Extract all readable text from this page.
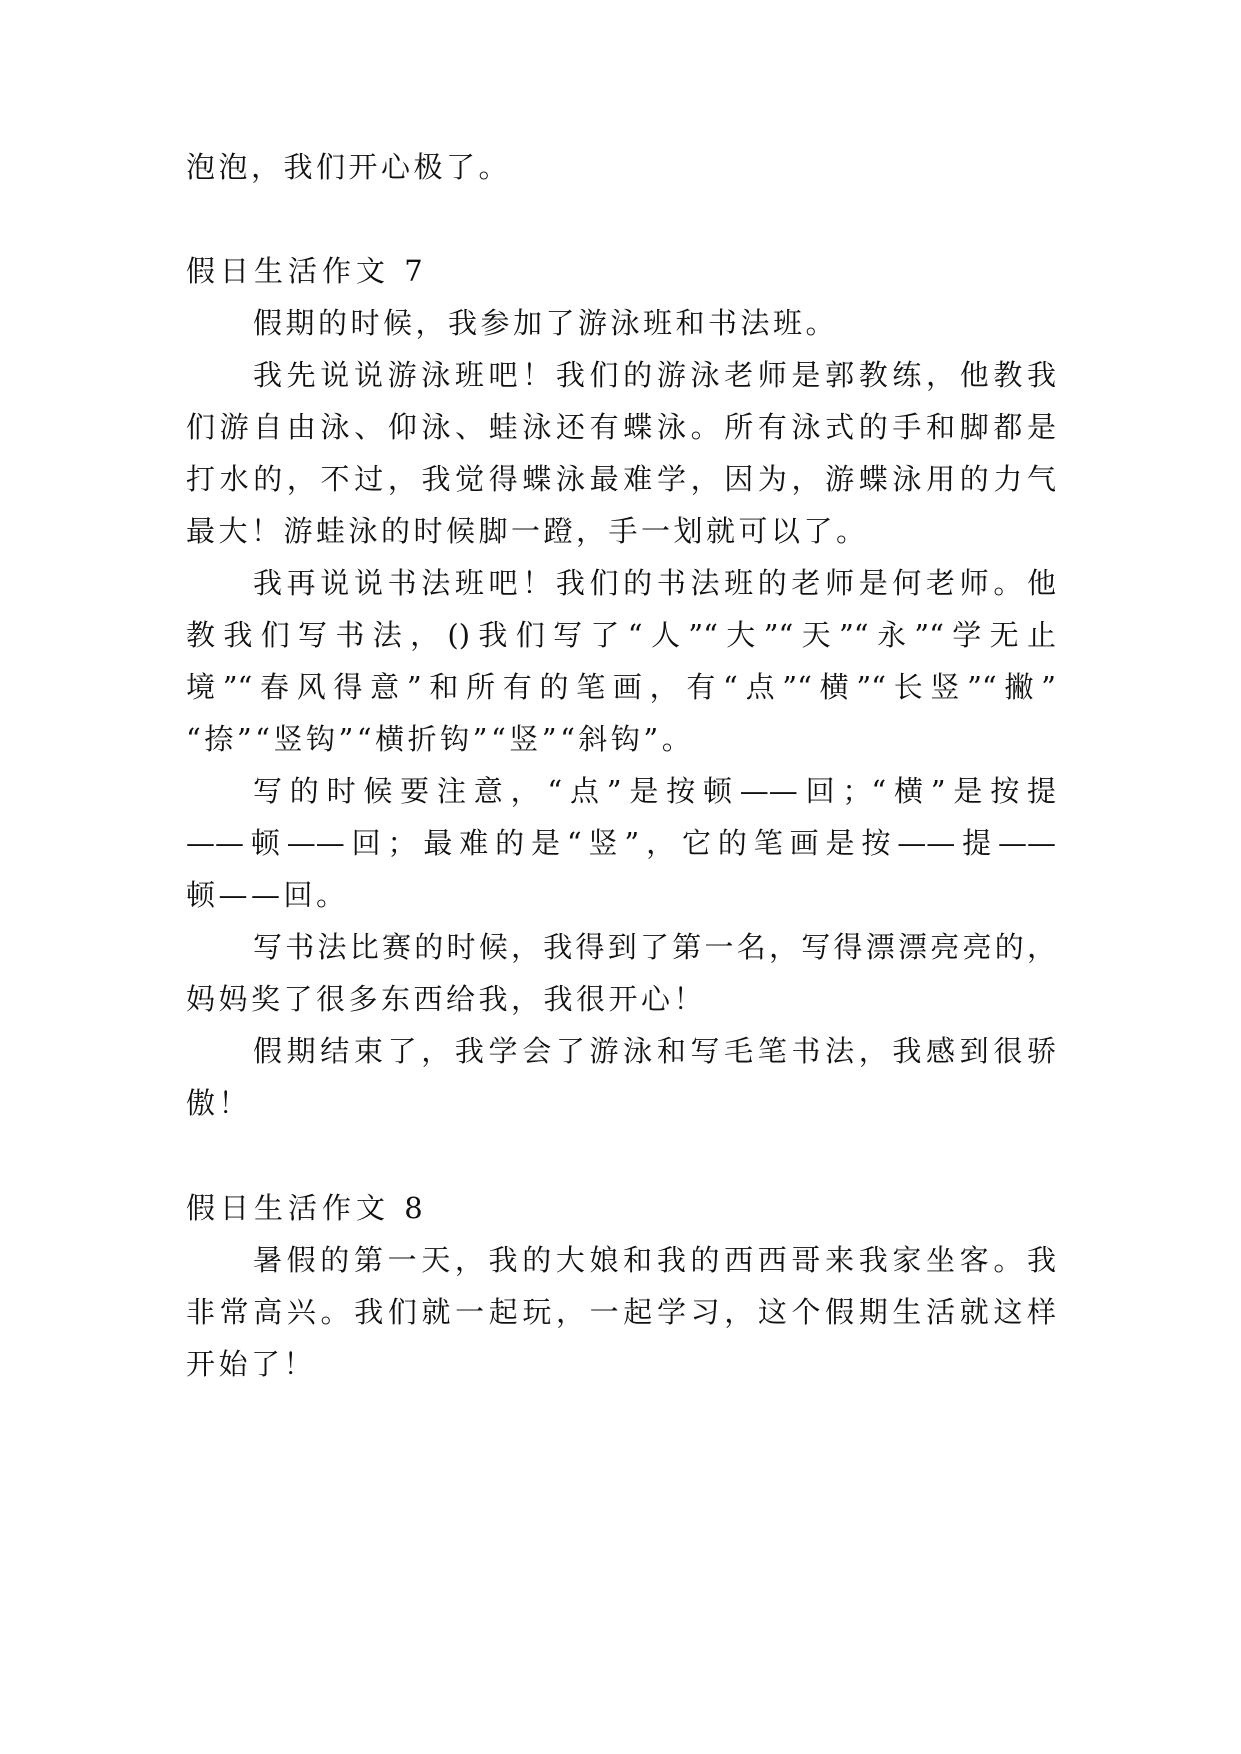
泡泡，我们开心极了。
假日生活作文 7
假期的时候，我参加了游泳班和书法班。
我先说说游泳班吧！我们的游泳老师是郭教练，他教我
们游自由泳、仰泳、蛙泳还有蝶泳。所有泳式的手和脚都是
打水的，不过，我觉得蝶泳最难学，因为，游蝶泳用的力气
最大！游蛙泳的时候脚一蹬，手一划就可以了。
我再说说书法班吧！我们的书法班的老师是何老师。他
教我们写书法，()我们写了“人”“大”“天”“永”“学无止
境”“春风得意”和所有的笔画，有“点”“横”“长竖”“撇”
“捺”“竖钩”“横折钩”“竖”“斜钩”。
写的时候要注意，“点”是按顿——回；“横”是按提
——顿——回；最难的是“竖”，它的笔画是按——提——
顿——回。
写书法比赛的时候，我得到了第一名，写得漂漂亮亮的，
妈妈奖了很多东西给我，我很开心！
假期结束了，我学会了游泳和写毛笔书法，我感到很骄
傲！
假日生活作文 8
暑假的第一天，我的大娘和我的西西哥来我家坐客。我
非常高兴。我们就一起玩，一起学习，这个假期生活就这样
开始了！
